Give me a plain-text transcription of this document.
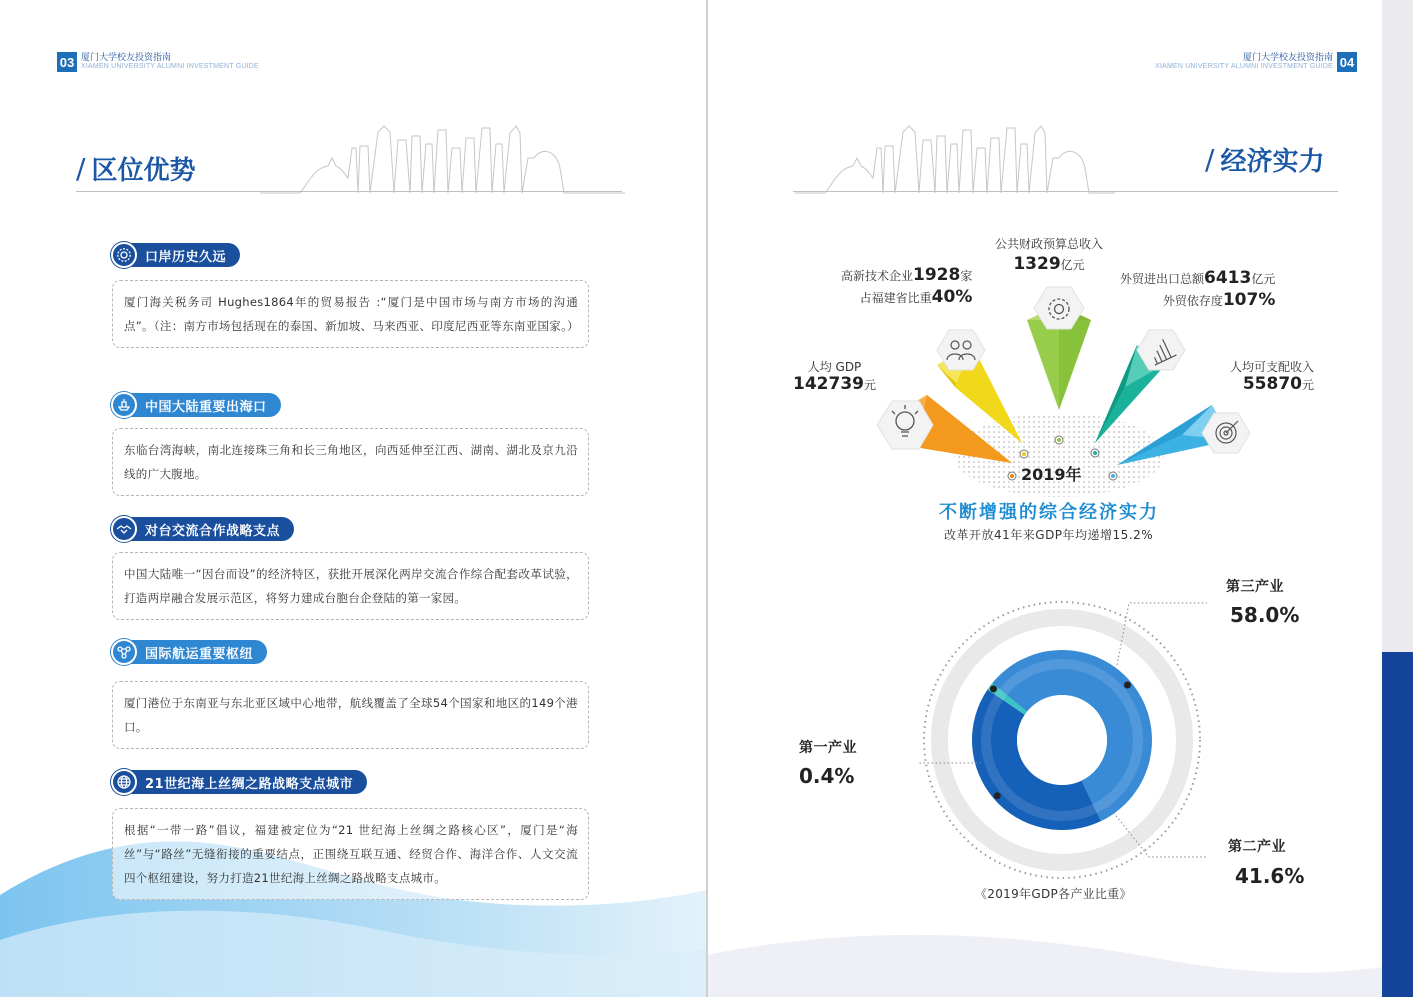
03 厦门大学校友投资指南
XIAMEN UNIVERSITY ALUMNI INVESTMENT GUIDE
/ 区位优势
口岸历史久远
厦门海关税务司 Hughes1864年的贸易报告 :“厦门是中国市场与南方市场的沟通点”。（注：南方市场包括现在的泰国、新加坡、马来西亚、印度尼西亚等东南亚国家。）
中国大陆重要出海口
东临台湾海峡，南北连接珠三角和长三角地区，向西延伸至江西、湖南、湖北及京九沿线的广大腹地。
对台交流合作战略支点
中国大陆唯一“因台而设”的经济特区，获批开展深化两岸交流合作综合配套改革试验，打造两岸融合发展示范区，将努力建成台胞台企登陆的第一家园。
国际航运重要枢纽
厦门港位于东南亚与东北亚区域中心地带，航线覆盖了全球54个国家和地区的149个港口。
21世纪海上丝绸之路战略支点城市
根据“一带一路”倡议，福建被定位为“21 世纪海上丝绸之路核心区”，厦门是“海丝”与“路丝”无缝衔接的重要结点，正围绕互联互通、经贸合作、海洋合作、人文交流四个枢纽建设，努力打造21世纪海上丝绸之路战略支点城市。
厦门大学校友投资指南
XIAMEN UNIVERSITY ALUMNI INVESTMENT GUIDE 04
/ 经济实力
人均 GDP
142739元
高新技术企业1928家
占福建省比重40%
公共财政预算总收入
1329亿元
外贸进出口总额6413亿元
外贸依存度107%
人均可支配收入
55870元
2019年
不断增强的综合经济实力
改革开放41年来GDP年均递增15.2%
第三产业
58.0%
第一产业
0.4%
第二产业
41.6%
《2019年GDP各产业比重》
